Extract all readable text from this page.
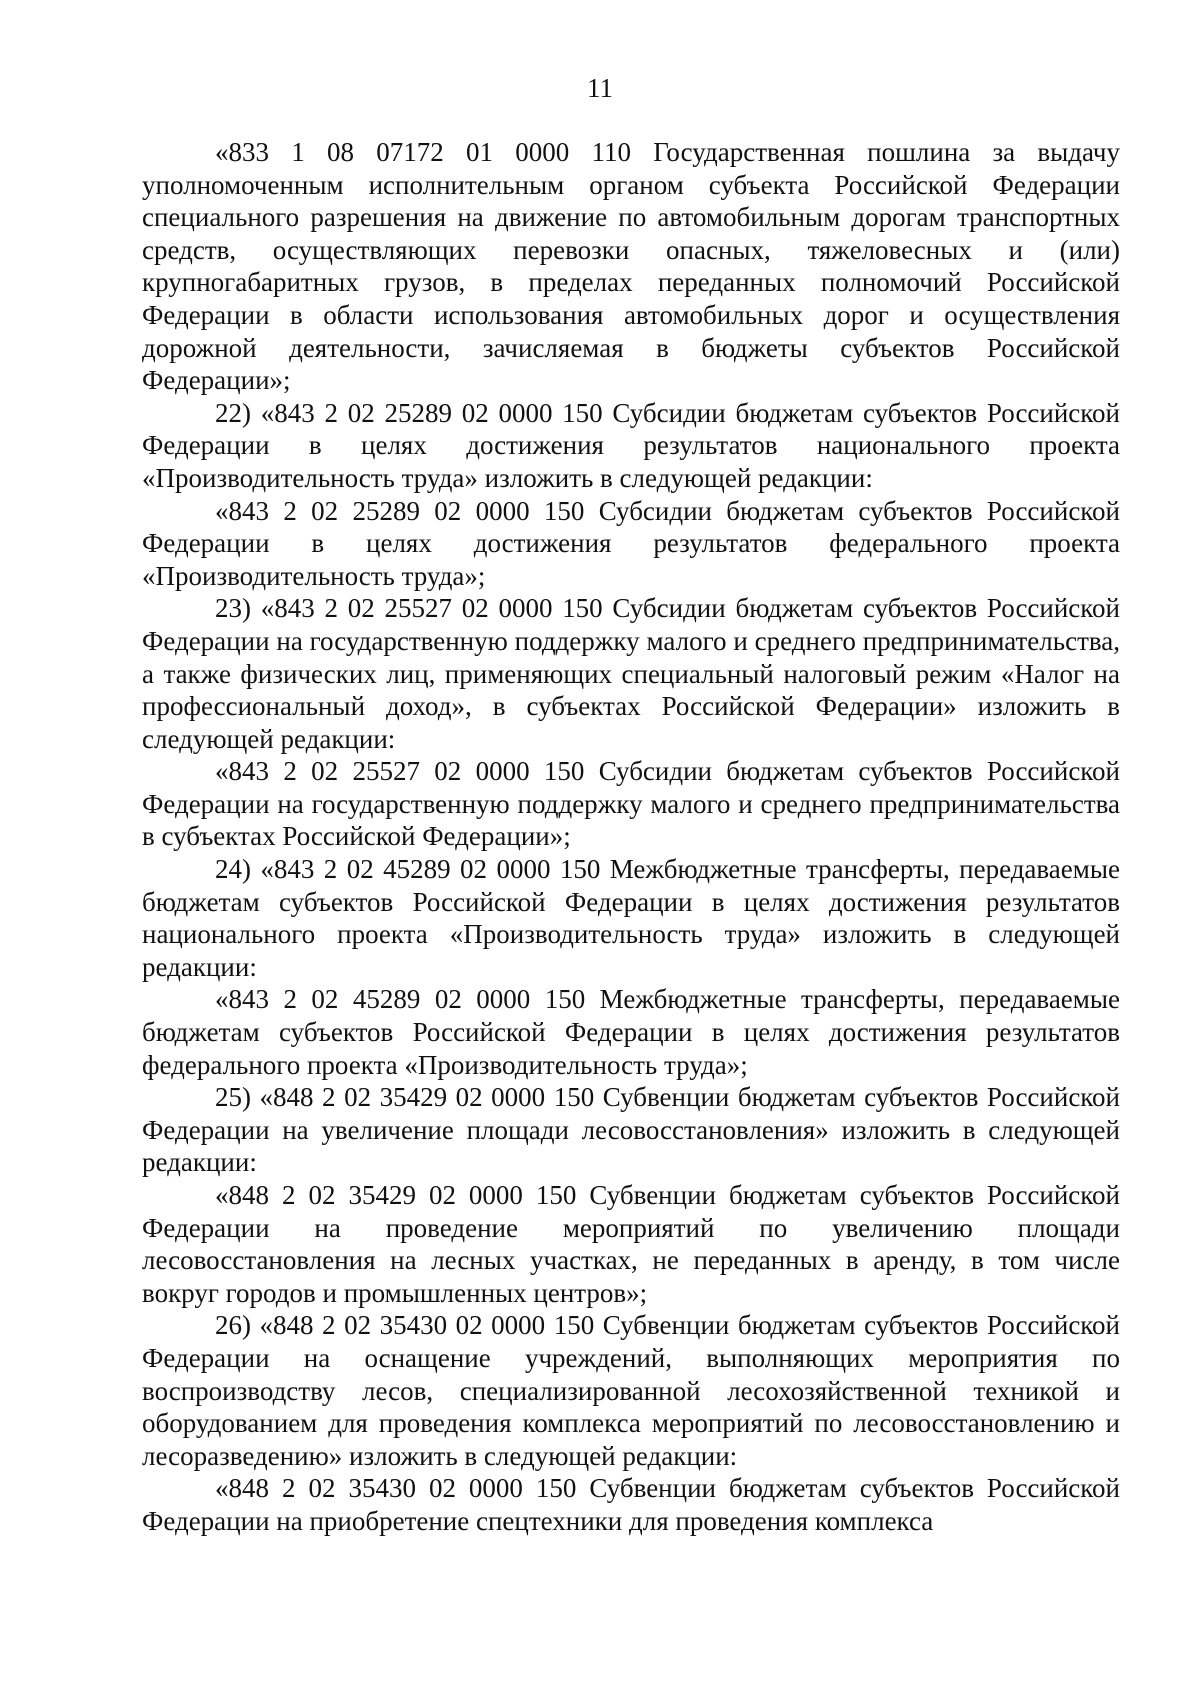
11

«833 1 08 07172 01 0000 110 Государственная пошлина за выдачу уполномоченным исполнительным органом субъекта Российской Федерации специального разрешения на движение по автомобильным дорогам транспортных средств, осуществляющих перевозки опасных, тяжеловесных и (или) крупногабаритных грузов, в пределах переданных полномочий Российской Федерации в области использования автомобильных дорог и осуществления дорожной деятельности, зачисляемая в бюджеты субъектов Российской Федерации»;

22) «843 2 02 25289 02 0000 150 Субсидии бюджетам субъектов Российской Федерации в целях достижения результатов национального проекта «Производительность труда» изложить в следующей редакции:

«843 2 02 25289 02 0000 150 Субсидии бюджетам субъектов Российской Федерации в целях достижения результатов федерального проекта «Производительность труда»;

23) «843 2 02 25527 02 0000 150 Субсидии бюджетам субъектов Российской Федерации на государственную поддержку малого и среднего предпринимательства, а также физических лиц, применяющих специальный налоговый режим «Налог на профессиональный доход», в субъектах Российской Федерации» изложить в следующей редакции:

«843 2 02 25527 02 0000 150 Субсидии бюджетам субъектов Российской Федерации на государственную поддержку малого и среднего предпринимательства в субъектах Российской Федерации»;

24) «843 2 02 45289 02 0000 150 Межбюджетные трансферты, передаваемые бюджетам субъектов Российской Федерации в целях достижения результатов национального проекта «Производительность труда» изложить в следующей редакции:

«843 2 02 45289 02 0000 150 Межбюджетные трансферты, передаваемые бюджетам субъектов Российской Федерации в целях достижения результатов федерального проекта «Производительность труда»;

25) «848 2 02 35429 02 0000 150 Субвенции бюджетам субъектов Российской Федерации на увеличение площади лесовосстановления» изложить в следующей редакции:

«848 2 02 35429 02 0000 150 Субвенции бюджетам субъектов Российской Федерации на проведение мероприятий по увеличению площади лесовосстановления на лесных участках, не переданных в аренду, в том числе вокруг городов и промышленных центров»;

26) «848 2 02 35430 02 0000 150 Субвенции бюджетам субъектов Российской Федерации на оснащение учреждений, выполняющих мероприятия по воспроизводству лесов, специализированной лесохозяйственной техникой и оборудованием для проведения комплекса мероприятий по лесовосстановлению и лесоразведению» изложить в следующей редакции:

«848 2 02 35430 02 0000 150 Субвенции бюджетам субъектов Российской Федерации на приобретение спецтехники для проведения комплекса
